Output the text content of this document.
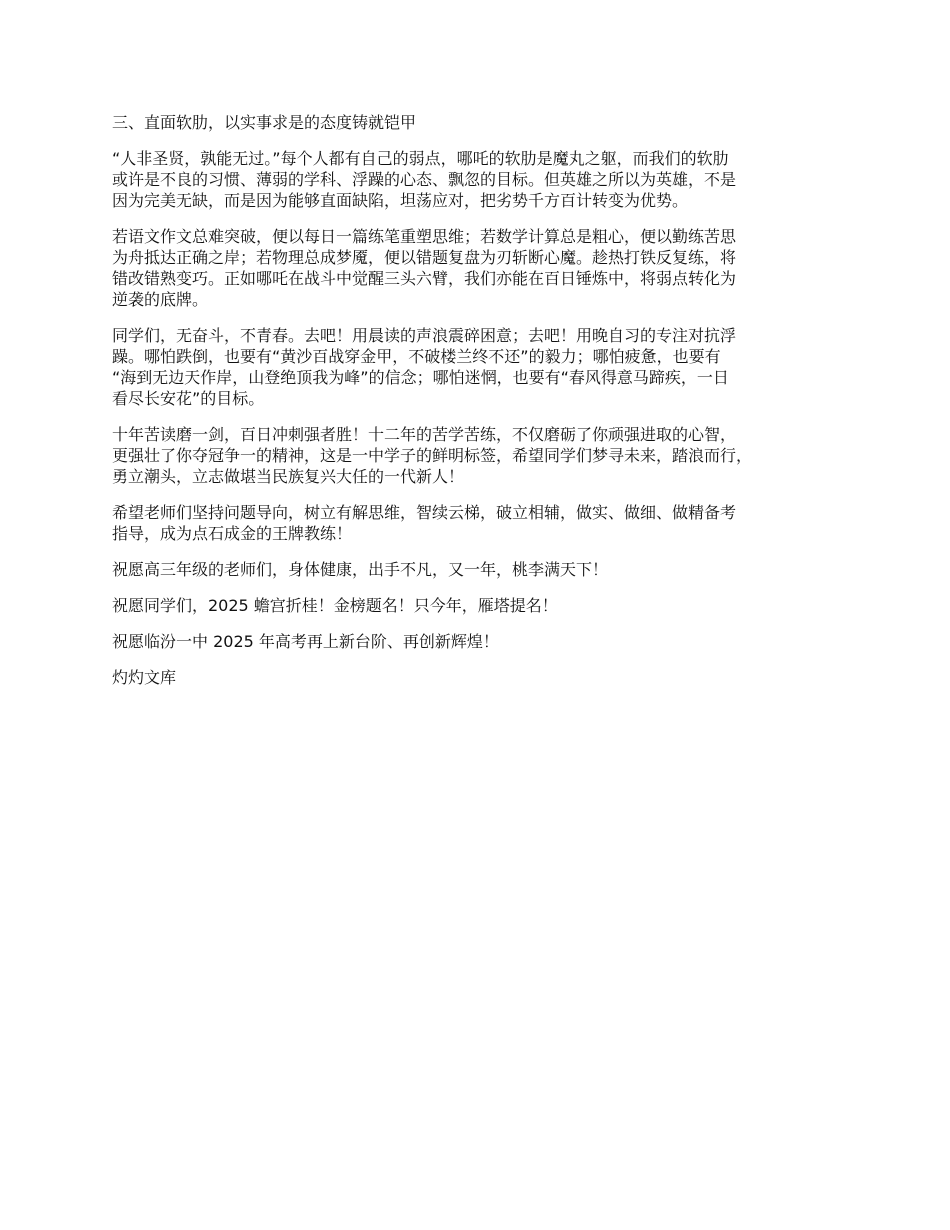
三、直面软肋，以实事求是的态度铸就铠甲

“人非圣贤，孰能无过。”每个人都有自己的弱点，哪吒的软肋是魔丸之躯，而我们的软肋
或许是不良的习惯、薄弱的学科、浮躁的心态、飘忽的目标。但英雄之所以为英雄，不是
因为完美无缺，而是因为能够直面缺陷，坦荡应对，把劣势千方百计转变为优势。

若语文作文总难突破，便以每日一篇练笔重塑思维；若数学计算总是粗心，便以勤练苦思
为舟抵达正确之岸；若物理总成梦魇，便以错题复盘为刃斩断心魔。趁热打铁反复练，将
错改错熟变巧。正如哪吒在战斗中觉醒三头六臂，我们亦能在百日锤炼中，将弱点转化为
逆袭的底牌。

同学们，无奋斗，不青春。去吧！用晨读的声浪震碎困意；去吧！用晚自习的专注对抗浮
躁。哪怕跌倒，也要有“黄沙百战穿金甲，不破楼兰终不还”的毅力；哪怕疲惫，也要有
“海到无边天作岸，山登绝顶我为峰”的信念；哪怕迷惘，也要有“春风得意马蹄疾，一日
看尽长安花”的目标。

十年苦读磨一剑，百日冲刺强者胜！十二年的苦学苦练，不仅磨砺了你顽强进取的心智，
更强壮了你夺冠争一的精神，这是一中学子的鲜明标签，希望同学们梦寻未来，踏浪而行，
勇立潮头，立志做堪当民族复兴大任的一代新人！

希望老师们坚持问题导向，树立有解思维，智续云梯，破立相辅，做实、做细、做精备考
指导，成为点石成金的王牌教练！

祝愿高三年级的老师们，身体健康，出手不凡，又一年，桃李满天下！

祝愿同学们，2025 蟾宫折桂！金榜题名！只今年，雁塔提名！

祝愿临汾一中 2025 年高考再上新台阶、再创新辉煌！

灼灼文库
